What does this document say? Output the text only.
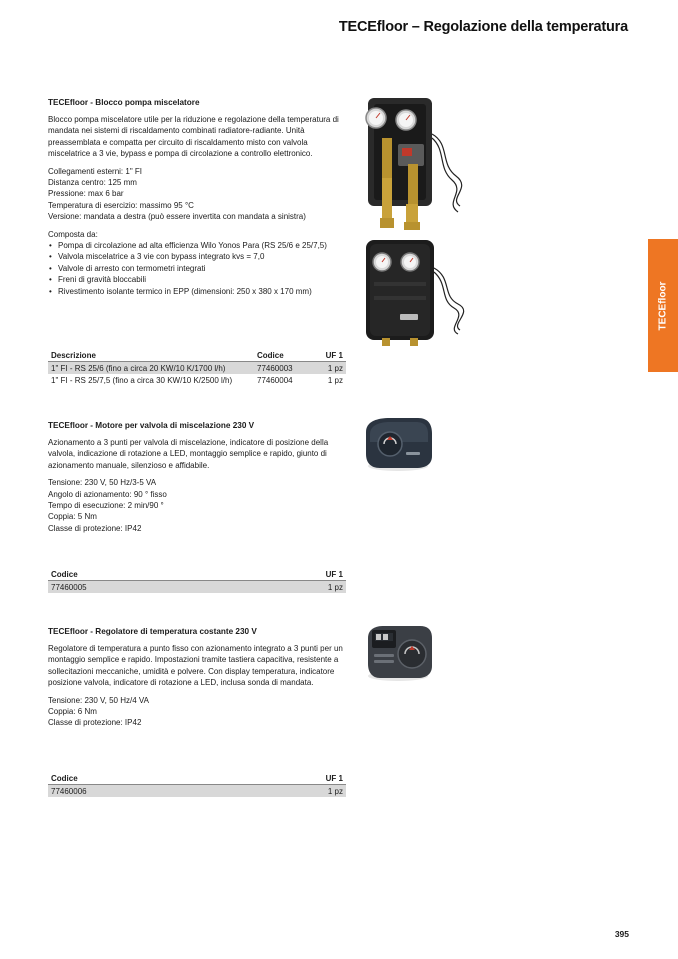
TECEfloor – Regolazione della temperatura
TECEfloor
TECEfloor - Blocco pompa miscelatore

Blocco pompa miscelatore utile per la riduzione e regolazione della temperatura di mandata nei sistemi di riscaldamento combinati radiatore-radiante. Unità preassemblata e compatta per circuito di riscaldamento misto con valvola miscelatrice a 3 vie, bypass e pompa di circolazione a controllo elettronico.

Collegamenti esterni: 1" FI
Distanza centro: 125 mm
Pressione: max 6 bar
Temperatura di esercizio: massimo 95 °C
Versione: mandata a destra (può essere invertita con mandata a sinistra)
Composta da:
• Pompa di circolazione ad alta efficienza Wilo Yonos Para (RS 25/6 e 25/7,5)
• Valvola miscelatrice a 3 vie con bypass integrato kvs = 7,0
• Valvole di arresto con termometri integrati
• Freni di gravità bloccabili
• Rivestimento isolante termico in EPP (dimensioni: 250 x 380 x 170 mm)
Descrizione	Codice	UF 1
1" FI - RS 25/6 (fino a circa 20 KW/10 K/1700 l/h)	77460003	1 pz
1" FI - RS 25/7,5 (fino a circa 30 KW/10 K/2500 l/h)	77460004	1 pz
TECEfloor - Motore per valvola di miscelazione 230 V

Azionamento a 3 punti per valvola di miscelazione, indicatore di posizione della valvola, indicazione di rotazione a LED, montaggio semplice e rapido, giunto di azionamento manuale, silenzioso e affidabile.

Tensione: 230 V, 50 Hz/3-5 VA
Angolo di azionamento: 90 ° fisso
Tempo di esecuzione: 2 min/90 °
Coppia: 5 Nm
Classe di protezione: IP42
Codice	UF 1
77460005	1 pz
TECEfloor - Regolatore di temperatura costante 230 V

Regolatore di temperatura a punto fisso con azionamento integrato a 3 punti per un montaggio semplice e rapido. Impostazioni tramite tastiera capacitiva, resistente a sollecitazioni meccaniche, umidità e polvere. Con display temperatura, indicatore posizione valvola, indicatore di rotazione a LED, inclusa sonda di mandata.

Tensione: 230 V, 50 Hz/4 VA
Coppia: 6 Nm
Classe di protezione: IP42
Codice	UF 1
77460006	1 pz
395
